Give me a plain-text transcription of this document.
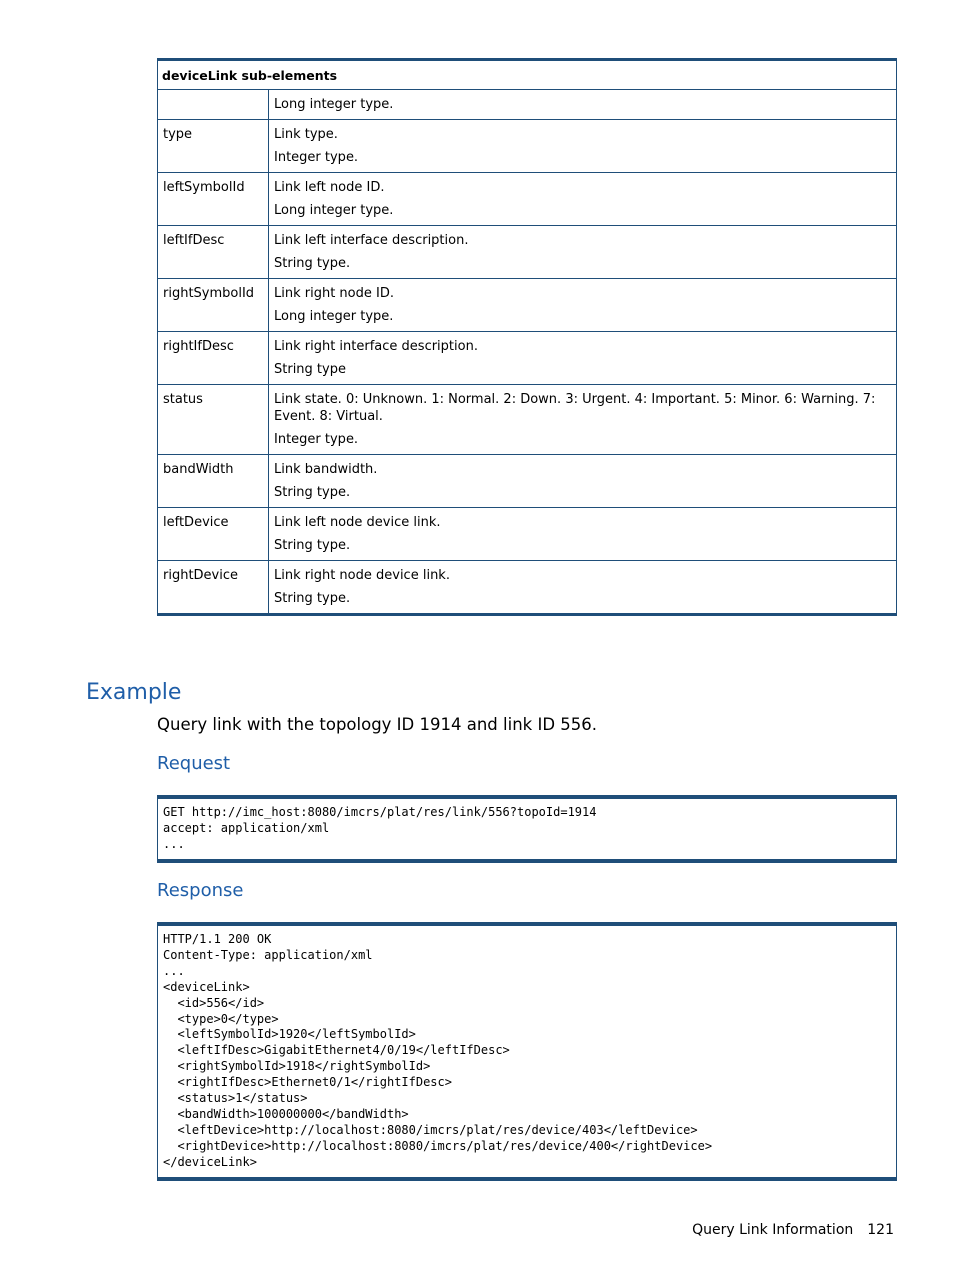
deviceLink sub-elements	

	Long integer type.

type	Link type.

Integer type.

leftSymbolId	Link left node ID.

Long integer type.

leftIfDesc	Link left interface description.

String type.

rightSymbolId	Link right node ID.

Long integer type.

rightIfDesc	Link right interface description.

String type

status	Link state. 0: Unknown. 1: Normal. 2: Down. 3: Urgent. 4: Important. 5: Minor. 6: Warning. 7: Event. 8: Virtual.

Integer type.

bandWidth	Link bandwidth.

String type.

leftDevice	Link left node device link.

String type.

rightDevice	Link right node device link.

String type.

Example

Query link with the topology ID 1914 and link ID 556.

Request
GET http://imc_host:8080/imcrs/plat/res/link/556?topoId=1914
accept: application/xml
...
Response
HTTP/1.1 200 OK
Content-Type: application/xml
...
<deviceLink>
<id>556</id>
<type>0</type>
<leftSymbolId>1920</leftSymbolId>
<leftIfDesc>GigabitEthernet4/0/19</leftIfDesc>
<rightSymbolId>1918</rightSymbolId>
<rightIfDesc>Ethernet0/1</rightIfDesc>
<status>1</status>
<bandWidth>100000000</bandWidth>
<leftDevice>http://localhost:8080/imcrs/plat/res/device/403</leftDevice>
<rightDevice>http://localhost:8080/imcrs/plat/res/device/400</rightDevice>
</deviceLink>
Query Link Information 121
